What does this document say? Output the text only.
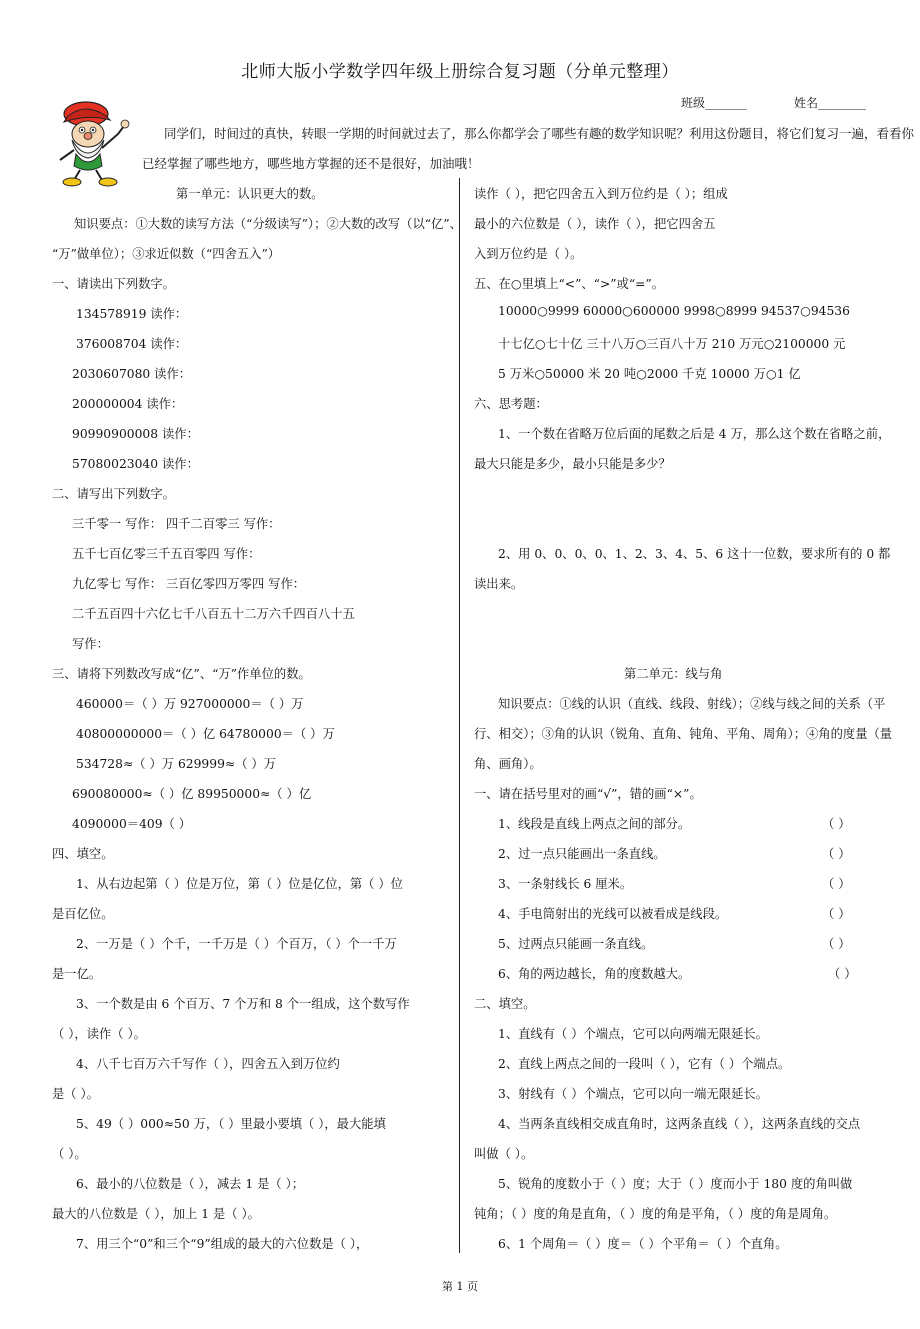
北师大版小学数学四年级上册综合复习题（分单元整理）
班级_______	姓名________
同学们，时间过的真快，转眼一学期的时间就过去了，那么你都学会了哪些有趣的数学知识呢？利用这份题目，将它们复习一遍，看看你
已经掌握了哪些地方，哪些地方掌握的还不是很好，加油哦！
第一单元：认识更大的数。
知识要点：①大数的读写方法（“分级读写”）；②大数的改写（以“亿”、
“万”做单位）；③求近似数（“四舍五入”）
一、请读出下列数字。
134578919 读作：
376008704 读作：
2030607080 读作：
200000004 读作：
90990900008 读作：
57080023040 读作：
二、请写出下列数字。
三千零一 写作： 四千二百零三 写作：
五千七百亿零三千五百零四 写作：
九亿零七 写作： 三百亿零四万零四 写作：
二千五百四十六亿七千八百五十二万六千四百八十五
写作：
三、请将下列数改写成“亿”、“万”作单位的数。
460000＝（ ）万 927000000＝（ ）万
40800000000＝（ ）亿 64780000＝（ ）万
534728≈（ ）万 629999≈（ ）万
690080000≈（ ）亿 89950000≈（ ）亿
4090000＝409（ ）
四、填空。
1、从右边起第（ ）位是万位，第（ ）位是亿位，第（ ）位
是百亿位。
2、一万是（ ）个千，一千万是（ ）个百万，（ ）个一千万
是一亿。
3、一个数是由 6 个百万、7 个万和 8 个一组成，这个数写作
（ ），读作（ ）。
4、八千七百万六千写作（ ），四舍五入到万位约
是（ ）。
5、49（ ）000≈50 万，（ ）里最小要填（ ），最大能填
（ ）。
6、最小的八位数是（ ），减去 1 是（ ）；
最大的八位数是（ ），加上 1 是（ ）。
7、用三个“0”和三个“9”组成的最大的六位数是（ ），
读作（ ），把它四舍五入到万位约是（ ）；组成
最小的六位数是（ ），读作（ ），把它四舍五
入到万位约是（ ）。
五、在○里填上“<”、“>”或“=”。
10000○9999 60000○600000 9998○8999 94537○94536
十七亿○七十亿 三十八万○三百八十万 210 万元○2100000 元
5 万米○50000 米 20 吨○2000 千克 10000 万○1 亿
六、思考题：
1、一个数在省略万位后面的尾数之后是 4 万，那么这个数在省略之前，
最大只能是多少，最小只能是多少？
2、用 0、0、0、0、1、2、3、4、5、6 这十一位数，要求所有的 0 都
读出来。
第二单元：线与角
知识要点：①线的认识（直线、线段、射线）；②线与线之间的关系（平
行、相交）；③角的认识（锐角、直角、钝角、平角、周角）；④角的度量（量
角、画角）。
一、请在括号里对的画“√”，错的画“×”。
1、线段是直线上两点之间的部分。	（ ）
2、过一点只能画出一条直线。	（ ）
3、一条射线长 6 厘米。	（ ）
4、手电筒射出的光线可以被看成是线段。	（ ）
5、过两点只能画一条直线。	（ ）
6、角的两边越长，角的度数越大。	（ ）
二、填空。
1、直线有（ ）个端点，它可以向两端无限延长。
2、直线上两点之间的一段叫（ ），它有（ ）个端点。
3、射线有（ ）个端点，它可以向一端无限延长。
4、当两条直线相交成直角时，这两条直线（ ），这两条直线的交点
叫做（ ）。
5、锐角的度数小于（ ）度；大于（ ）度而小于 180 度的角叫做
钝角；（ ）度的角是直角，（ ）度的角是平角，（ ）度的角是周角。
6、1 个周角＝（ ）度＝（ ）个平角＝（ ）个直角。
第 1 页
